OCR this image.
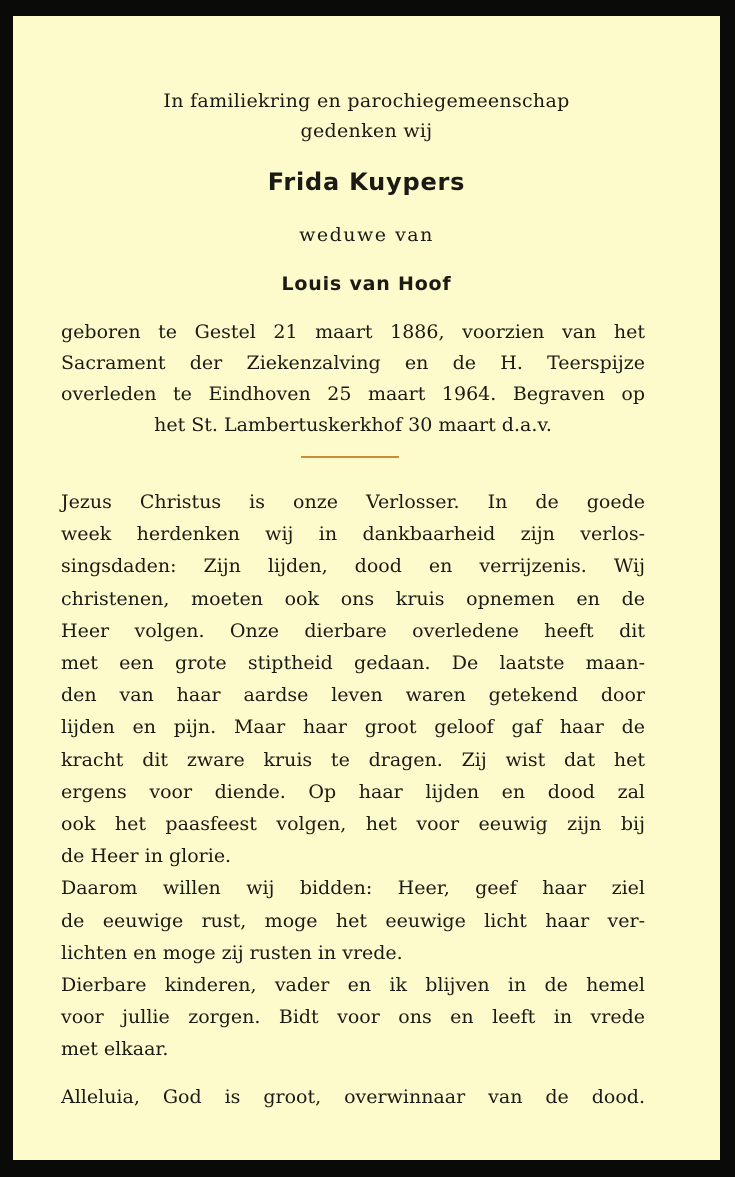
In familiekring en parochiegemeenschap
gedenken wij
Frida Kuypers
weduwe van
Louis van Hoof
geboren te Gestel 21 maart 1886, voorzien van het
Sacrament der Ziekenzalving en de H. Teerspijze
overleden te Eindhoven 25 maart 1964. Begraven op
het St. Lambertuskerkhof 30 maart d.a.v.
Jezus Christus is onze Verlosser. In de goede
week herdenken wij in dankbaarheid zijn verlos-
singsdaden: Zijn lijden, dood en verrijzenis. Wij
christenen, moeten ook ons kruis opnemen en de
Heer volgen. Onze dierbare overledene heeft dit
met een grote stiptheid gedaan. De laatste maan-
den van haar aardse leven waren getekend door
lijden en pijn. Maar haar groot geloof gaf haar de
kracht dit zware kruis te dragen. Zij wist dat het
ergens voor diende. Op haar lijden en dood zal
ook het paasfeest volgen, het voor eeuwig zijn bij
de Heer in glorie.
Daarom willen wij bidden: Heer, geef haar ziel
de eeuwige rust, moge het eeuwige licht haar ver-
lichten en moge zij rusten in vrede.
Dierbare kinderen, vader en ik blijven in de hemel
voor jullie zorgen. Bidt voor ons en leeft in vrede
met elkaar.
Alleluia, God is groot, overwinnaar van de dood.
